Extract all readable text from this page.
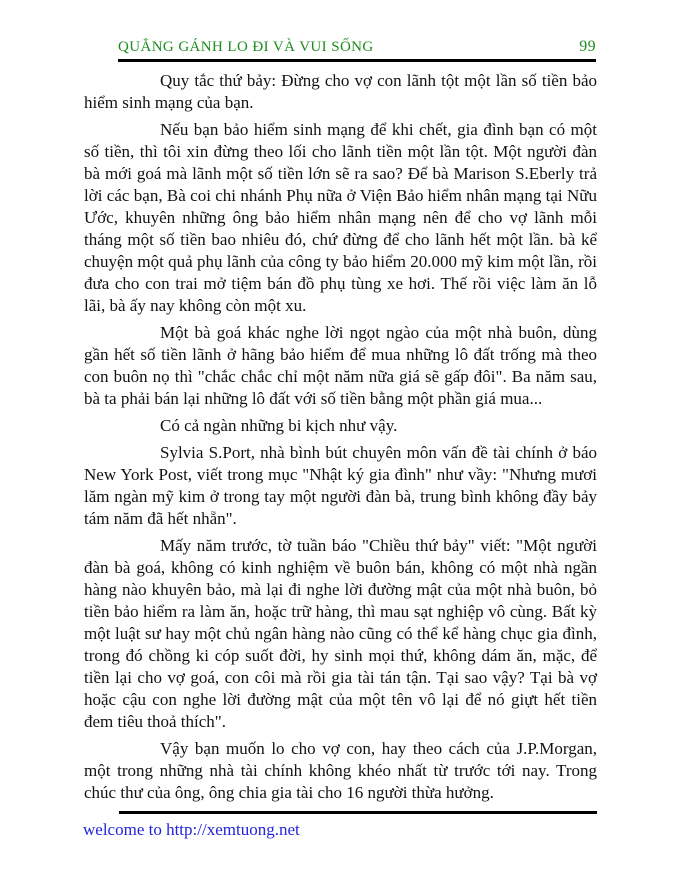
QUẲNG GÁNH LO ĐI VÀ VUI SỐNG	99

Quy tắc thứ bảy: Đừng cho vợ con lãnh tột một lần số tiền bảo hiểm sinh mạng của bạn.

Nếu bạn bảo hiểm sinh mạng để khi chết, gia đình bạn có một số tiền, thì tôi xin đừng theo lối cho lãnh tiền một lần tột. Một người đàn bà mới goá mà lãnh một số tiền lớn sẽ ra sao? Để bà Marison S.Eberly trả lời các bạn, Bà coi chi nhánh Phụ nữa ở Viện Bảo hiểm nhân mạng tại Nữu Ước, khuyên những ông bảo hiểm nhân mạng nên để cho vợ lãnh mỗi tháng một số tiền bao nhiêu đó, chứ đừng để cho lãnh hết một lần. bà kể chuyện một quả phụ lãnh của công ty bảo hiểm 20.000 mỹ kim một lần, rồi đưa cho con trai mở tiệm bán đồ phụ tùng xe hơi. Thế rồi việc làm ăn lỗ lãi, bà ấy nay không còn một xu.

Một bà goá khác nghe lời ngọt ngào của một nhà buôn, dùng gần hết số tiền lãnh ở hãng bảo hiểm để mua những lô đất trống mà theo con buôn nọ thì "chắc chắc chỉ một năm nữa giá sẽ gấp đôi". Ba năm sau, bà ta phải bán lại những lô đất với số tiền bằng một phần giá mua...

Có cả ngàn những bi kịch như vậy.

Sylvia S.Port, nhà bình bút chuyên môn vấn đề tài chính ở báo New York Post, viết trong mục "Nhật ký gia đình" như vầy: "Nhưng mươi lăm ngàn mỹ kim ở trong tay một người đàn bà, trung bình không đầy bảy tám năm đã hết nhẵn".

Mấy năm trước, tờ tuần báo "Chiều thứ bảy" viết: "Một người đàn bà goá, không có kinh nghiệm về buôn bán, không có một nhà ngần hàng nào khuyên bảo, mà lại đi nghe lời đường mật của một nhà buôn, bỏ tiền bảo hiểm ra làm ăn, hoặc trữ hàng, thì mau sạt nghiệp vô cùng. Bất kỳ một luật sư hay một chủ ngân hàng nào cũng có thể kể hàng chục gia đình, trong đó chồng ki cóp suốt đời, hy sinh mọi thứ, không dám ăn, mặc, để tiền lại cho vợ goá, con côi mà rồi gia tài tán tận. Tại sao vậy? Tại bà vợ hoặc cậu con nghe lời đường mật của một tên vô lại để nó giựt hết tiền đem tiêu thoả thích".

Vậy bạn muốn lo cho vợ con, hay theo cách của J.P.Morgan, một trong những nhà tài chính không khéo nhất từ trước tới nay. Trong chúc thư của ông, ông chia gia tài cho 16 người thừa hưởng.

welcome to http://xemtuong.net
